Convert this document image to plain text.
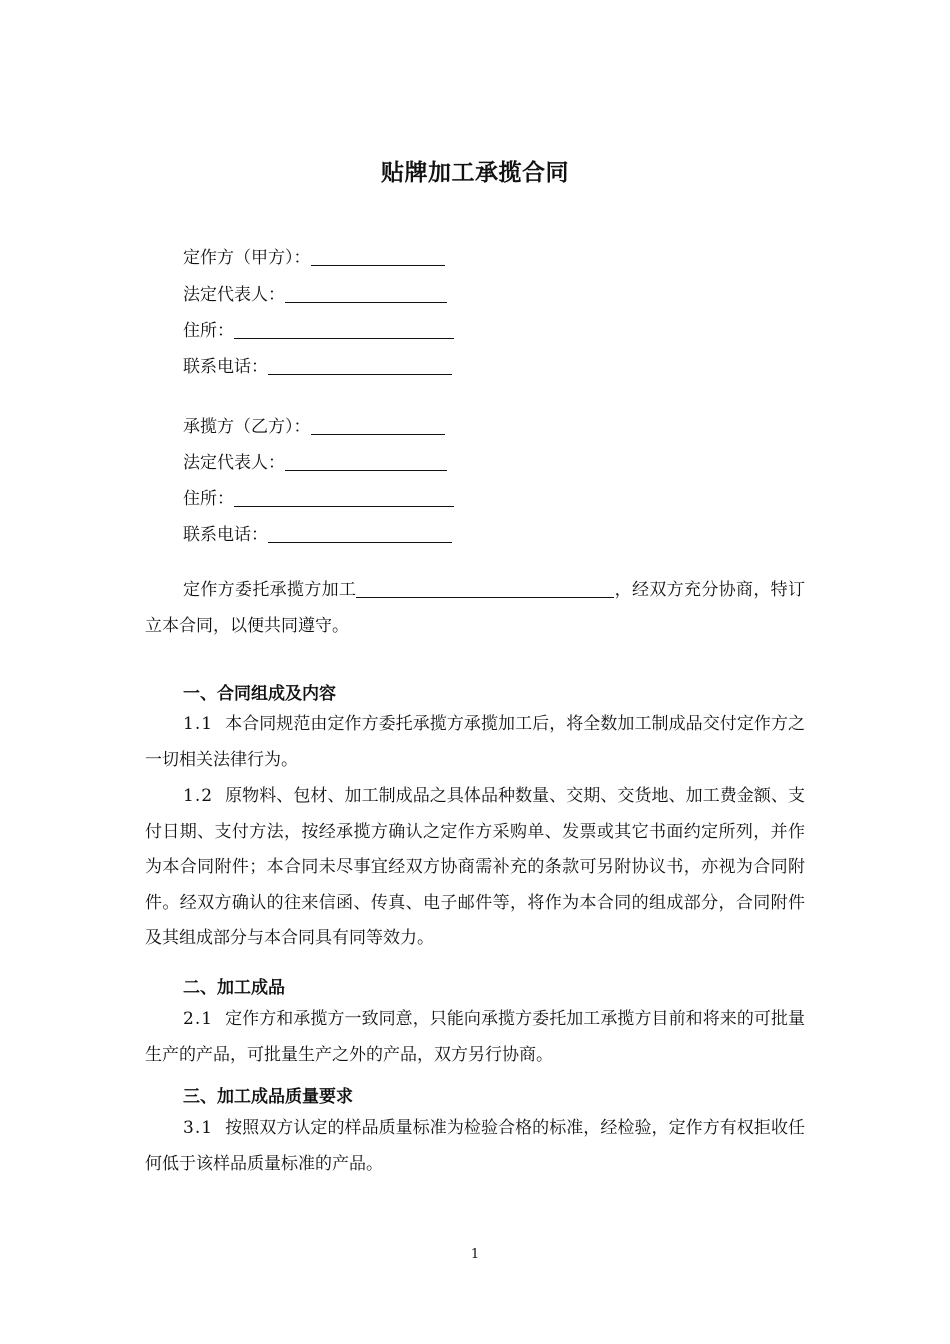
贴牌加工承揽合同
定作方（甲方）：
法定代表人：
住所：
联系电话：
承揽方（乙方）：
法定代表人：
住所：
联系电话：

定作方委托承揽方加工	，经双方充分协商，特订立本合同，以便共同遵守。

一、合同组成及内容

1.1 本合同规范由定作方委托承揽方承揽加工后，将全数加工制成品交付定作方之一切相关法律行为。

1.2 原物料、包材、加工制成品之具体品种数量、交期、交货地、加工费金额、支付日期、支付方法，按经承揽方确认之定作方采购单、发票或其它书面约定所列，并作为本合同附件；本合同未尽事宜经双方协商需补充的条款可另附协议书，亦视为合同附件。经双方确认的往来信函、传真、电子邮件等，将作为本合同的组成部分，合同附件及其组成部分与本合同具有同等效力。

二、加工成品

2.1 定作方和承揽方一致同意，只能向承揽方委托加工承揽方目前和将来的可批量生产的产品，可批量生产之外的产品，双方另行协商。

三、加工成品质量要求

3.1 按照双方认定的样品质量标准为检验合格的标准，经检验，定作方有权拒收任何低于该样品质量标准的产品。

1
